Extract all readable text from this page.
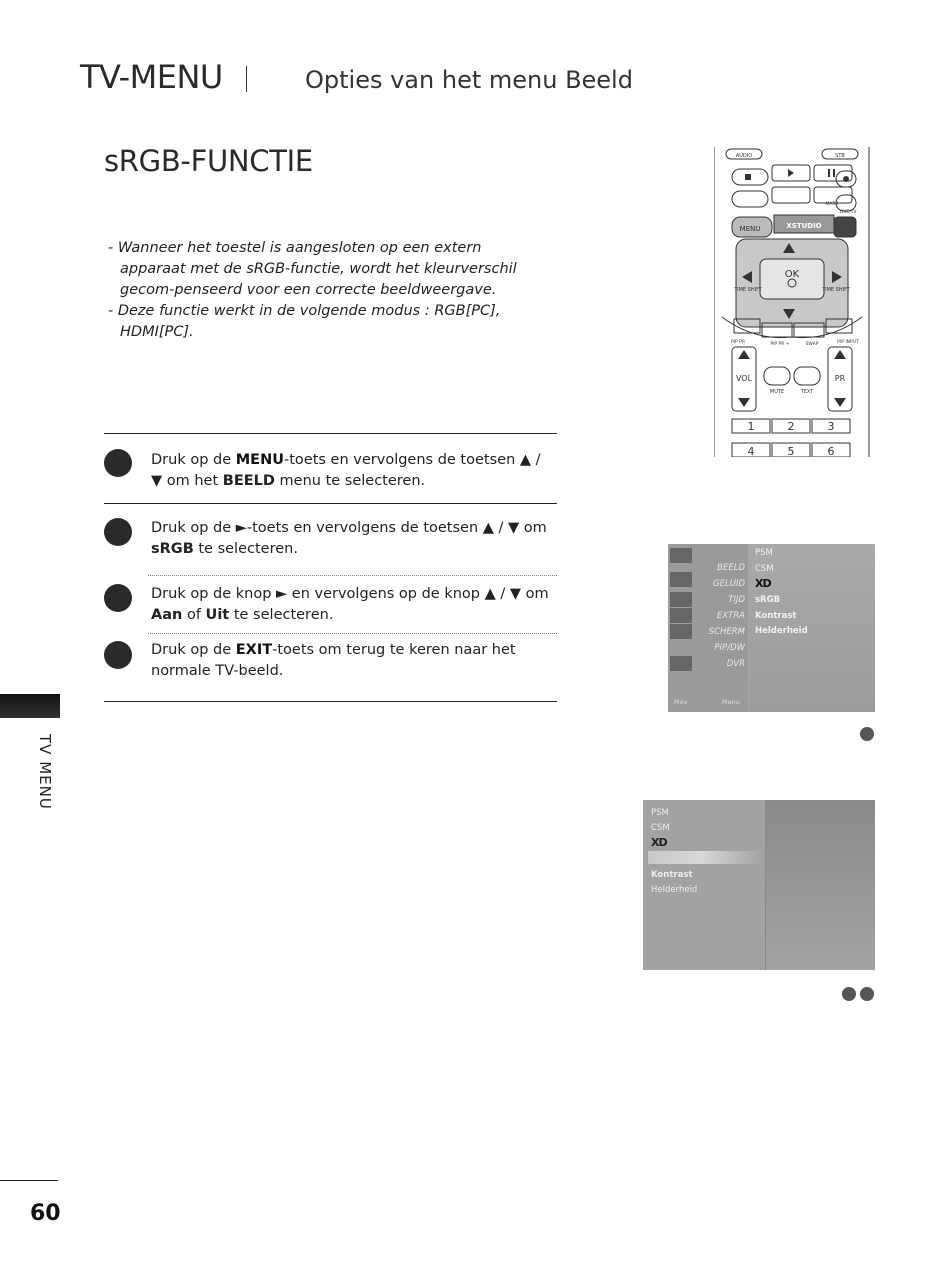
TV-MENU	Opties van het menu Beeld
sRGB-FUNCTIE

- Wanneer het toestel is aangesloten op een extern apparaat met de sRGB-functie, wordt het kleurverschil gecom-penseerd voor een correcte beeldweergave.

- Deze functie werkt in de volgende modus : RGB[PC], HDMI[PC].

Druk op de MENU-toets en vervolgens de toetsen ▲ / ▼ om het BEELD menu te selecteren.
Druk op de ►-toets en vervolgens de toetsen ▲ / ▼ om sRGB te selecteren.
Druk op de knop ► en vervolgens op de knop ▲ / ▼ om Aan of Uit te selecteren.
Druk op de EXIT-toets om terug te keren naar het normale TV-beeld.
TV MENU
60
AUDIO	STB
MARK
LIVE TV
MENU	XSTUDIO
OK
TIME SHIFT	TIME SHIFT
PIP PR	PIP PR +	SWAP	PIP INPUT
VOL	PR
MUTE	TEXT
1	2	3
4	5	6
BEELD
GELUID
TIJD
EXTRA
SCHERM
PIP/DW
DVR
PSM
CSM
XD
sRGB
Kontrast
Helderheid
Mov	Menu
PSM
CSM
XD
Kontrast
Helderheid
